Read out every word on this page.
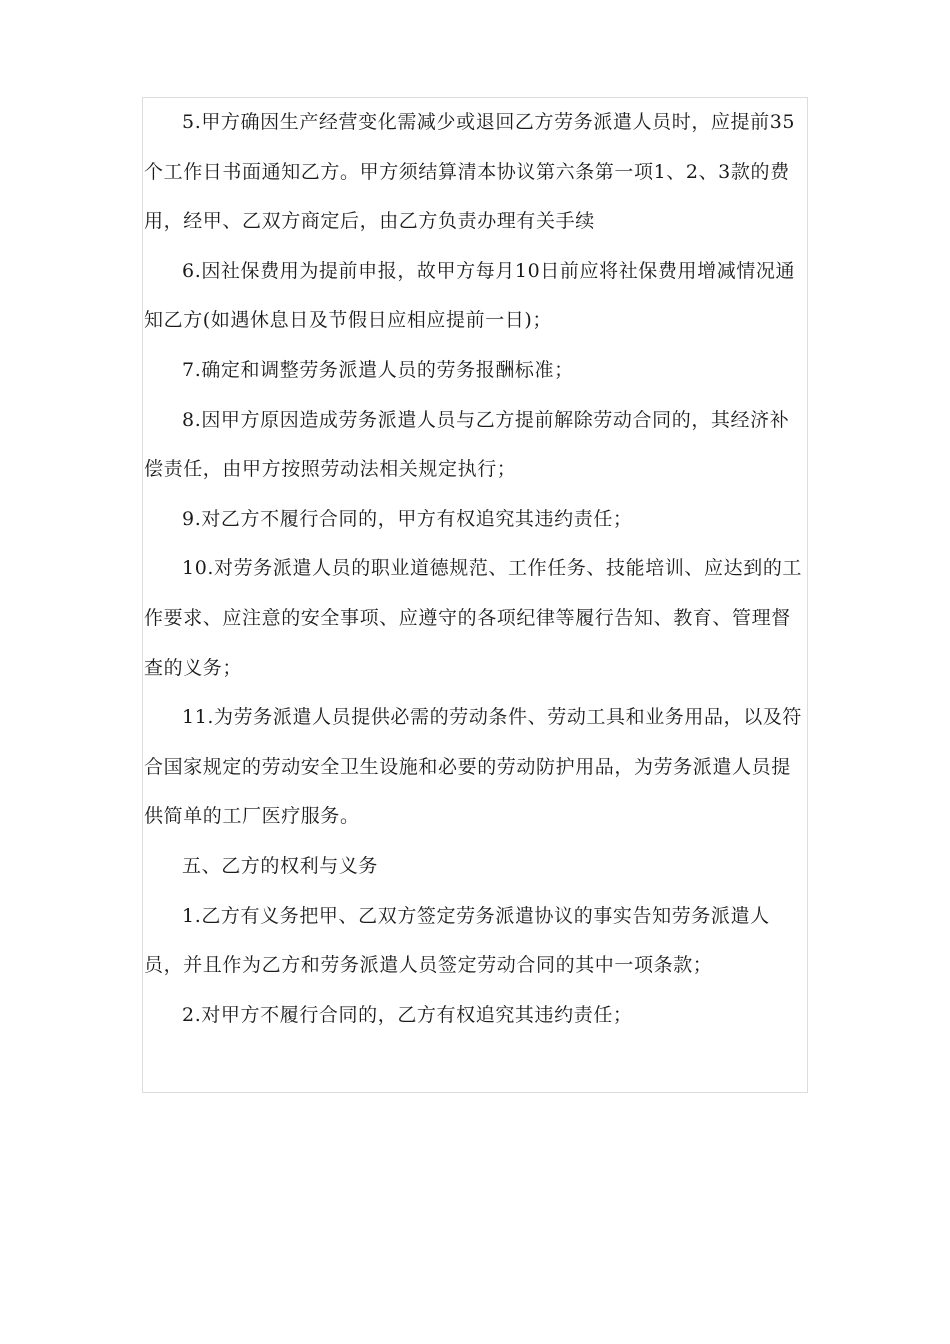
5.甲方确因生产经营变化需减少或退回乙方劳务派遣人员时，应提前35个工作日书面通知乙方。甲方须结算清本协议第六条第一项1、2、3款的费用，经甲、乙双方商定后，由乙方负责办理有关手续

6.因社保费用为提前申报，故甲方每月10日前应将社保费用增减情况通知乙方(如遇休息日及节假日应相应提前一日)；

7.确定和调整劳务派遣人员的劳务报酬标准；

8.因甲方原因造成劳务派遣人员与乙方提前解除劳动合同的，其经济补偿责任，由甲方按照劳动法相关规定执行；

9.对乙方不履行合同的，甲方有权追究其违约责任；

10.对劳务派遣人员的职业道德规范、工作任务、技能培训、应达到的工作要求、应注意的安全事项、应遵守的各项纪律等履行告知、教育、管理督查的义务；

11.为劳务派遣人员提供必需的劳动条件、劳动工具和业务用品，以及符合国家规定的劳动安全卫生设施和必要的劳动防护用品，为劳务派遣人员提供简单的工厂医疗服务。

五、乙方的权利与义务

1.乙方有义务把甲、乙双方签定劳务派遣协议的事实告知劳务派遣人员，并且作为乙方和劳务派遣人员签定劳动合同的其中一项条款；

2.对甲方不履行合同的，乙方有权追究其违约责任；
